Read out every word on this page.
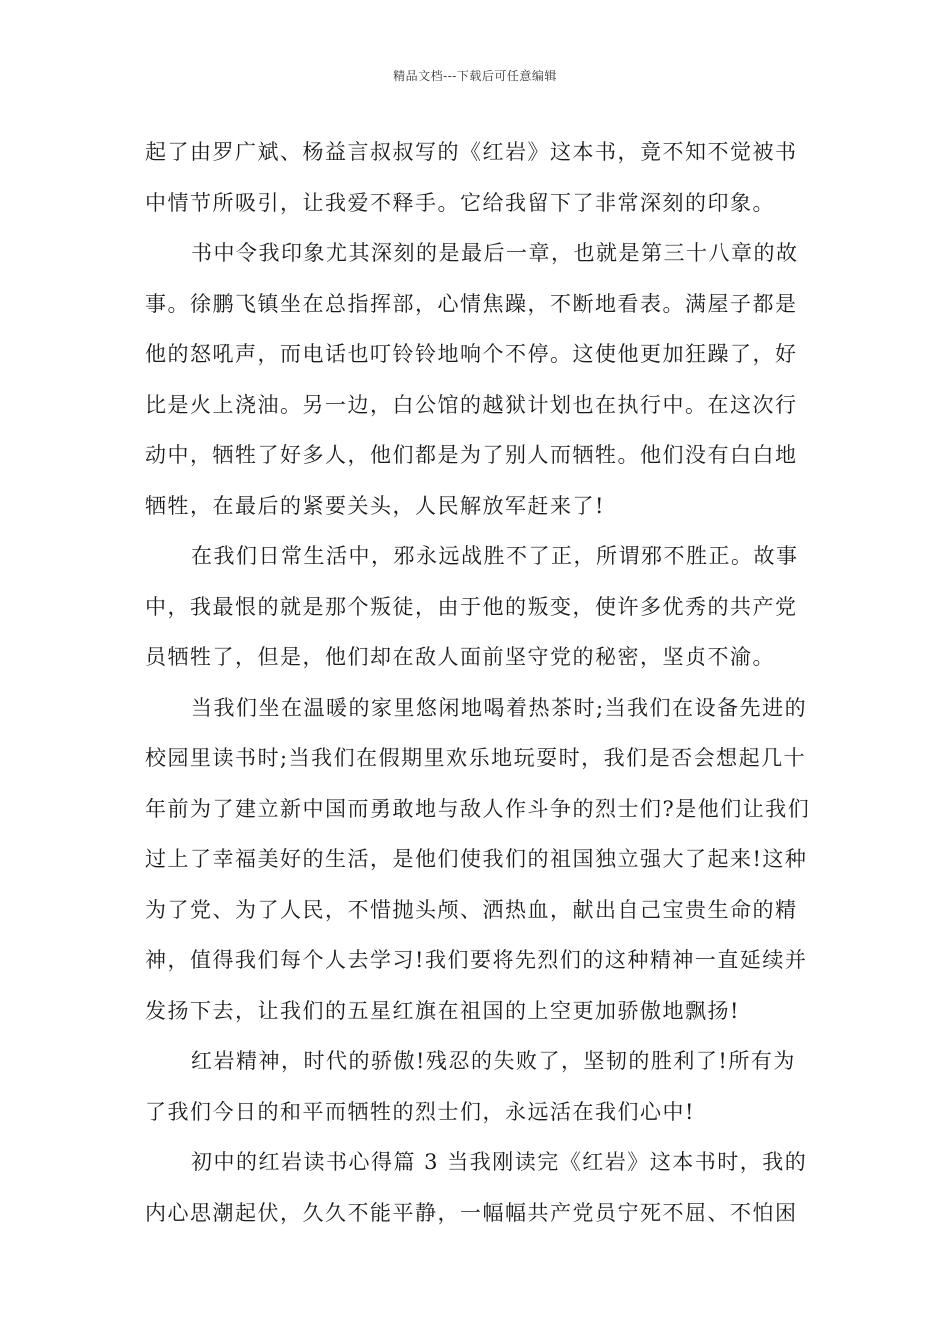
精品文档---下载后可任意编辑
起了由罗广斌、杨益言叔叔写的《红岩》这本书，竟不知不觉被书
中情节所吸引，让我爱不释手。它给我留下了非常深刻的印象。
书中令我印象尤其深刻的是最后一章，也就是第三十八章的故
事。徐鹏飞镇坐在总指挥部，心情焦躁，不断地看表。满屋子都是
他的怒吼声，而电话也叮铃铃地响个不停。这使他更加狂躁了，好
比是火上浇油。另一边，白公馆的越狱计划也在执行中。在这次行
动中，牺牲了好多人，他们都是为了别人而牺牲。他们没有白白地
牺牲，在最后的紧要关头，人民解放军赶来了!
在我们日常生活中，邪永远战胜不了正，所谓邪不胜正。故事
中，我最恨的就是那个叛徒，由于他的叛变，使许多优秀的共产党
员牺牲了，但是，他们却在敌人面前坚守党的秘密，坚贞不渝。
当我们坐在温暖的家里悠闲地喝着热茶时;当我们在设备先进的
校园里读书时;当我们在假期里欢乐地玩耍时，我们是否会想起几十
年前为了建立新中国而勇敢地与敌人作斗争的烈士们?是他们让我们
过上了幸福美好的生活，是他们使我们的祖国独立强大了起来!这种
为了党、为了人民，不惜抛头颅、洒热血，献出自己宝贵生命的精
神，值得我们每个人去学习!我们要将先烈们的这种精神一直延续并
发扬下去，让我们的五星红旗在祖国的上空更加骄傲地飘扬!
红岩精神，时代的骄傲!残忍的失败了，坚韧的胜利了!所有为
了我们今日的和平而牺牲的烈士们，永远活在我们心中!
初中的红岩读书心得篇 3 当我刚读完《红岩》这本书时，我的
内心思潮起伏，久久不能平静，一幅幅共产党员宁死不屈、不怕困
